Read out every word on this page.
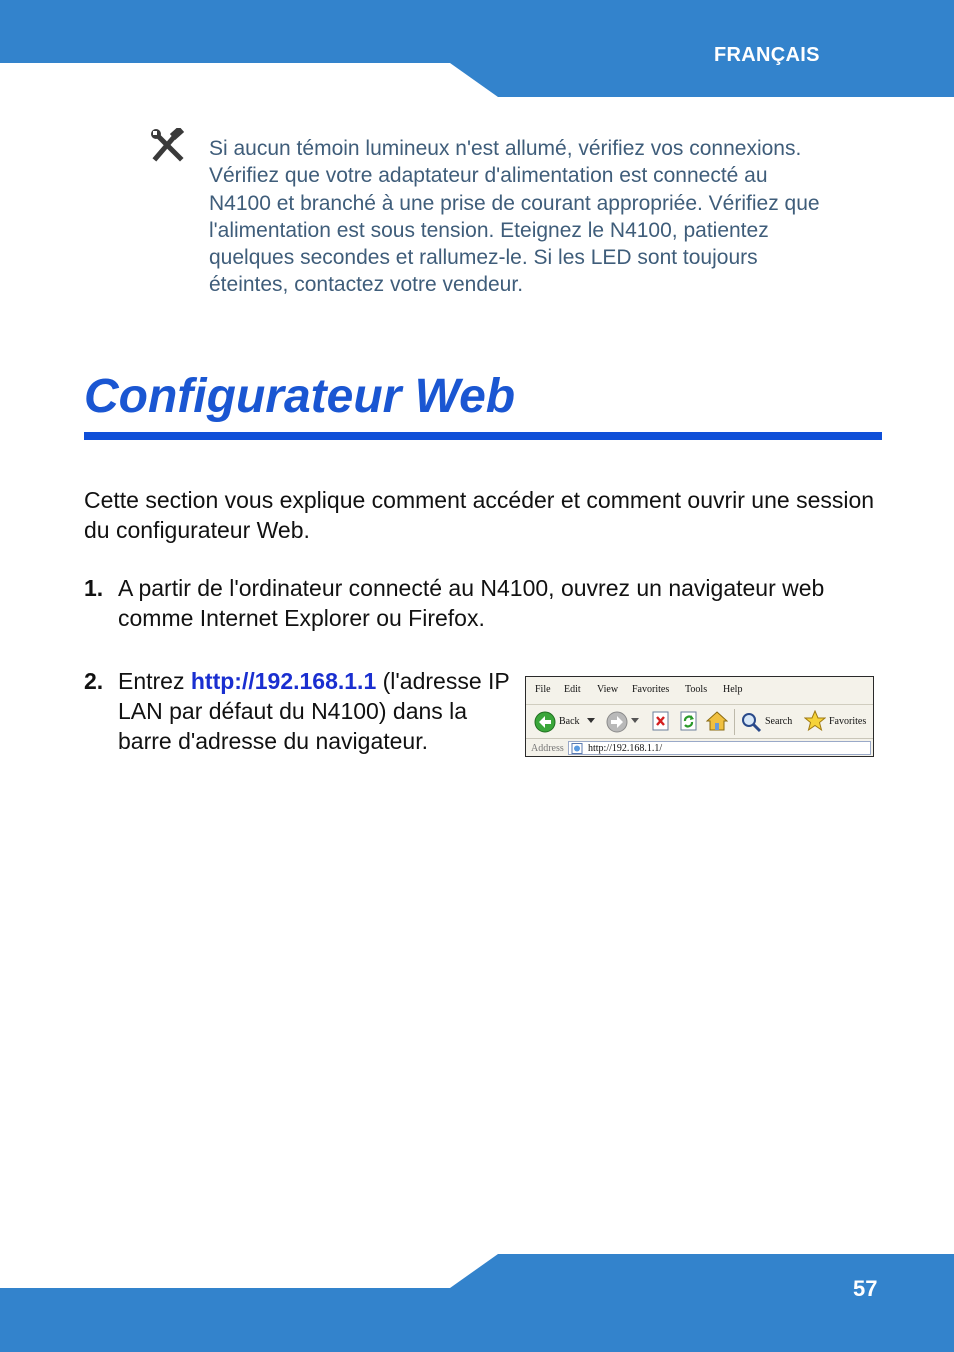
FRANÇAIS
Si aucun témoin lumineux n'est allumé, vérifiez vos connexions. Vérifiez que votre adaptateur d'alimentation est connecté au N4100 et branché à une prise de courant appropriée. Vérifiez que l'alimentation est sous tension. Eteignez le N4100, patientez quelques secondes et rallumez-le. Si les LED sont toujours éteintes, contactez votre vendeur.
Configurateur Web

Cette section vous explique comment accéder et comment ouvrir une session du configurateur Web.

1. A partir de l'ordinateur connecté au N4100, ouvrez un navigateur web comme Internet Explorer ou Firefox.
2. Entrez http://192.168.1.1 (l'adresse IP LAN par défaut du N4100) dans la barre d'adresse du navigateur.
File Edit View Favorites Tools Help
Back	Search	Favorites
Address http://192.168.1.1/
57
